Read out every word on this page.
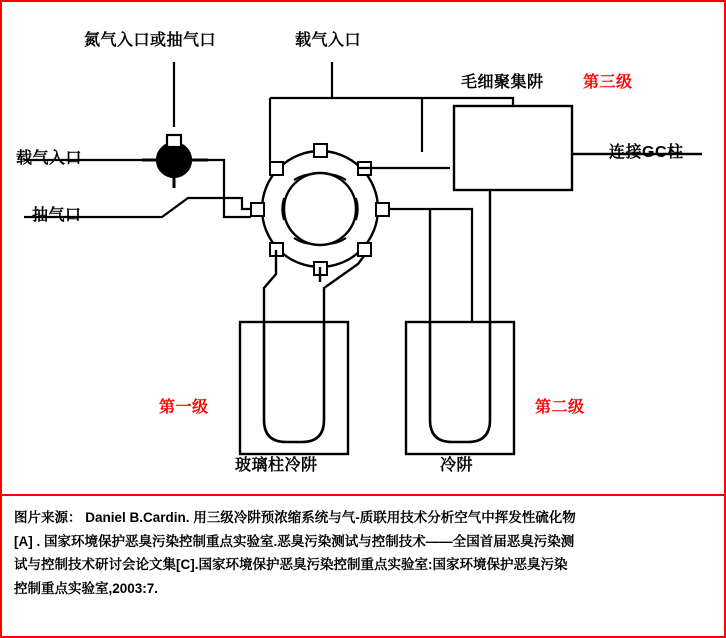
氮气入口或抽气口	载气入口
载气入口
抽气口
毛细聚集阱 第三级
连接GC柱
第一级	第二级
玻璃柱冷阱	冷阱
图片来源： Daniel B.Cardin. 用三级冷阱预浓缩系统与气-质联用技术分析空气中挥发性硫化物
[A] . 国家环境保护恶臭污染控制重点实验室.恶臭污染测试与控制技术——全国首届恶臭污染测
试与控制技术研讨会论文集[C].国家环境保护恶臭污染控制重点实验室:国家环境保护恶臭污染
控制重点实验室,2003:7.
